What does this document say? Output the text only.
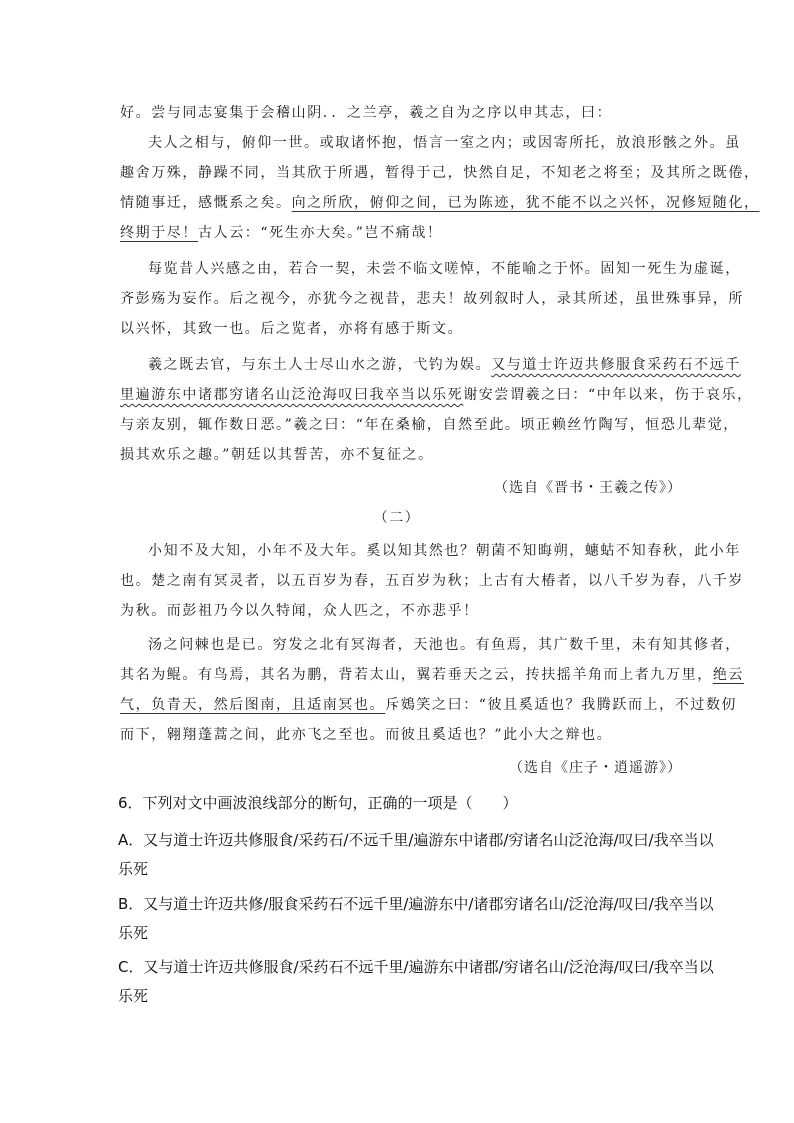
好。尝与同志宴集于会稽山阴．．之兰亭，羲之自为之序以申其志，曰：
夫人之相与，俯仰一世。或取诸怀抱，悟言一室之内；或因寄所托，放浪形骸之外。虽
趣舍万殊，静躁不同，当其欣于所遇，暂得于己，快然自足，不知老之将至；及其所之既倦，
情随事迁，感慨系之矣。向之所欣，俯仰之间，已为陈迹，犹不能不以之兴怀，况修短随化，
终期于尽！古人云：“死生亦大矣。”岂不痛哉！
每览昔人兴感之由，若合一契，未尝不临文嗟悼，不能喻之于怀。固知一死生为虚诞，
齐彭殇为妄作。后之视今，亦犹今之视昔，悲夫！故列叙时人，录其所述，虽世殊事异，所
以兴怀，其致一也。后之览者，亦将有感于斯文。
羲之既去官，与东土人士尽山水之游，弋钓为娱。又与道士许迈共修服食采药石不远千
里遍游东中诸郡穷诸名山泛沧海叹曰我卒当以乐死谢安尝谓羲之曰：“中年以来，伤于哀乐，
与亲友别，辄作数日恶。”羲之曰：“年在桑榆，自然至此。顷正赖丝竹陶写，恒恐儿辈觉，
损其欢乐之趣。”朝廷以其誓苦，亦不复征之。
（选自《晋书・王羲之传》）
（二）
小知不及大知，小年不及大年。奚以知其然也？朝菌不知晦朔，蟪蛄不知春秋，此小年
也。楚之南有冥灵者，以五百岁为春，五百岁为秋；上古有大椿者，以八千岁为春，八千岁
为秋。而彭祖乃今以久特闻，众人匹之，不亦悲乎！
汤之问棘也是已。穷发之北有冥海者，天池也。有鱼焉，其广数千里，未有知其修者，
其名为鲲。有鸟焉，其名为鹏，背若太山，翼若垂天之云，抟扶摇羊角而上者九万里，绝云
气，负青天，然后图南，且适南冥也。斥鴳笑之曰：“彼且奚适也？我腾跃而上，不过数仞
而下，翱翔蓬蒿之间，此亦飞之至也。而彼且奚适也？”此小大之辩也。
（选自《庄子・逍遥游》）
6．下列对文中画波浪线部分的断句，正确的一项是（　　）
A．又与道士许迈共修服食/采药石/不远千里/遍游东中诸郡/穷诸名山泛沧海/叹曰/我卒当以
乐死
B．又与道士许迈共修/服食采药石不远千里/遍游东中/诸郡穷诸名山/泛沧海/叹曰/我卒当以
乐死
C．又与道士许迈共修服食/采药石不远千里/遍游东中诸郡/穷诸名山/泛沧海/叹曰/我卒当以
乐死
